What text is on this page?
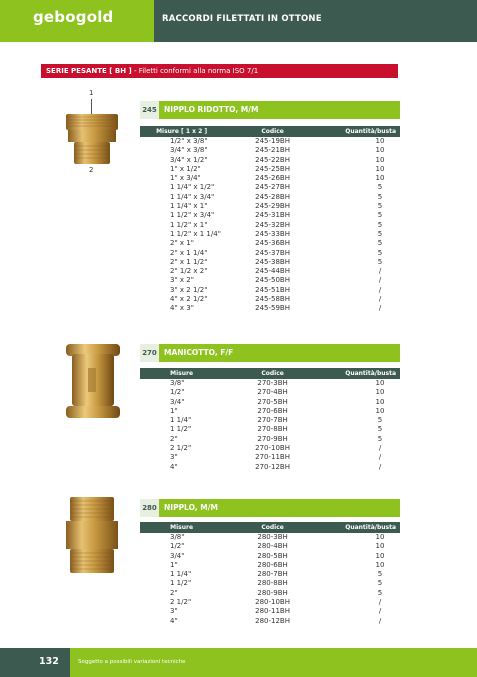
gebogold	RACCORDI FILETTATI IN OTTONE
SERIE PESANTE [ BH ] - Filetti conformi alla norma ISO 7/1
1
2
245 NIPPLO RIDOTTO, M/M
Misure [ 1 x 2 ]	Codice	Quantità/busta
1/2" x 3/8"	245-19BH	10
3/4" x 3/8"	245-21BH	10
3/4" x 1/2"	245-22BH	10
1" x 1/2"	245-25BH	10
1" x 3/4"	245-26BH	10
1 1/4" x 1/2"	245-27BH	5
1 1/4" x 3/4"	245-28BH	5
1 1/4" x 1"	245-29BH	5
1 1/2" x 3/4"	245-31BH	5
1 1/2" x 1"	245-32BH	5
1 1/2" x 1 1/4"	245-33BH	5
2" x 1"	245-36BH	5
2" x 1 1/4"	245-37BH	5
2" x 1 1/2"	245-38BH	5
2" 1/2 x 2"	245-44BH	/
3" x 2"	245-50BH	/
3" x 2 1/2"	245-51BH	/
4" x 2 1/2"	245-58BH	/
4" x 3"	245-59BH	/
270 MANICOTTO, F/F
Misure	Codice	Quantità/busta
3/8"	270-3BH	10
1/2"	270-4BH	10
3/4"	270-5BH	10
1"	270-6BH	10
1 1/4"	270-7BH	5
1 1/2"	270-8BH	5
2"	270-9BH	5
2 1/2"	270-10BH	/
3"	270-11BH	/
4"	270-12BH	/
280 NIPPLO, M/M
Misure	Codice	Quantità/busta
3/8"	280-3BH	10
1/2"	280-4BH	10
3/4"	280-5BH	10
1"	280-6BH	10
1 1/4"	280-7BH	5
1 1/2"	280-8BH	5
2"	280-9BH	5
2 1/2"	280-10BH	/
3"	280-11BH	/
4"	280-12BH	/
132	Soggetto a possibili variazioni tecniche
